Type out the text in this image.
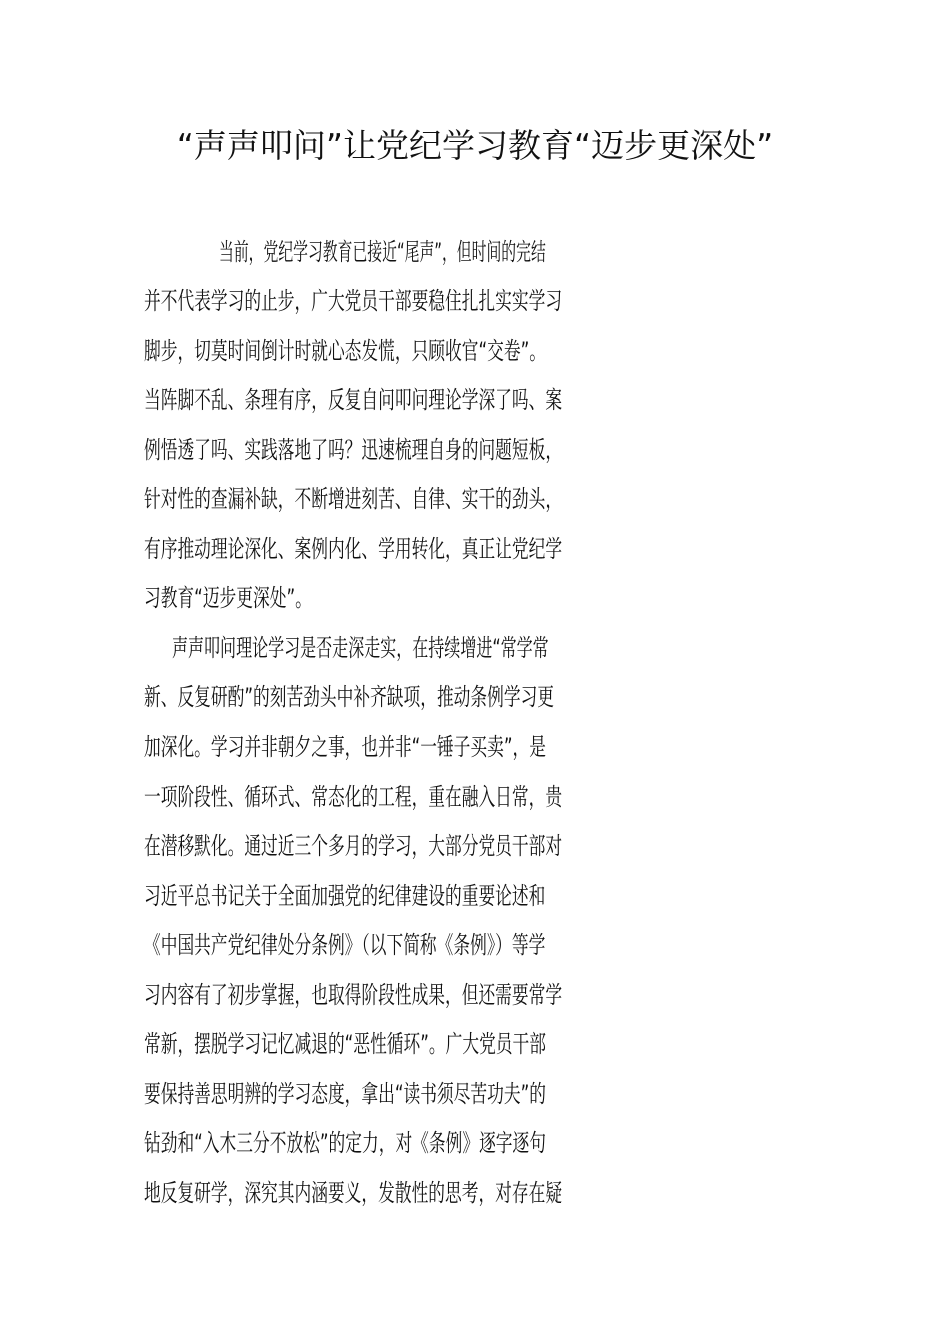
“声声叩问”让党纪学习教育“迈步更深处”

当前，党纪学习教育已接近“尾声”，但时间的完结

并不代表学习的止步，广大党员干部要稳住扎扎实实学习

脚步，切莫时间倒计时就心态发慌，只顾收官“交卷”。

当阵脚不乱、条理有序，反复自问叩问理论学深了吗、案

例悟透了吗、实践落地了吗？迅速梳理自身的问题短板，

针对性的查漏补缺，不断增进刻苦、自律、实干的劲头，

有序推动理论深化、案例内化、学用转化，真正让党纪学

习教育“迈步更深处”。

声声叩问理论学习是否走深走实，在持续增进“常学常

新、反复研酌”的刻苦劲头中补齐缺项，推动条例学习更

加深化。学习并非朝夕之事，也并非“一锤子买卖”，是

一项阶段性、循环式、常态化的工程，重在融入日常，贵

在潜移默化。通过近三个多月的学习，大部分党员干部对

习近平总书记关于全面加强党的纪律建设的重要论述和

《中国共产党纪律处分条例》（以下简称《条例》）等学

习内容有了初步掌握，也取得阶段性成果，但还需要常学

常新，摆脱学习记忆减退的“恶性循环”。广大党员干部

要保持善思明辨的学习态度，拿出“读书须尽苦功夫”的

钻劲和“入木三分不放松”的定力，对《条例》逐字逐句

地反复研学，深究其内涵要义，发散性的思考，对存在疑
